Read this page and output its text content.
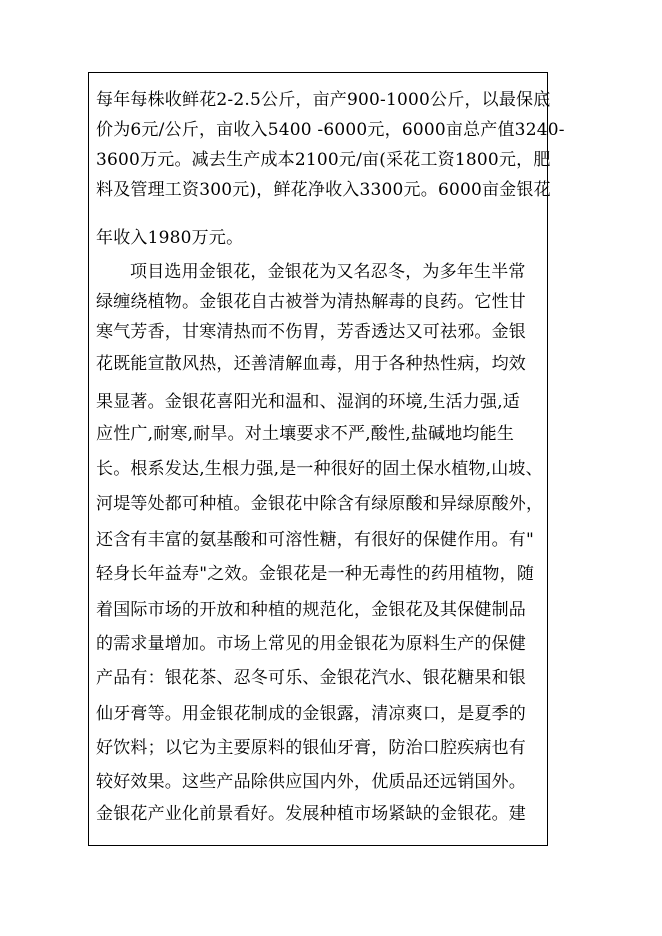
每年每株收鲜花2-2.5公斤，亩产900-1000公斤，以最保底
价为6元/公斤，亩收入5400 -6000元，6000亩总产值3240-
3600万元。减去生产成本2100元/亩(采花工资1800元，肥
料及管理工资300元)，鲜花净收入3300元。6000亩金银花
年收入1980万元。
项目选用金银花，金银花为又名忍冬，为多年生半常
绿缠绕植物。金银花自古被誉为清热解毒的良药。它性甘
寒气芳香，甘寒清热而不伤胃，芳香透达又可祛邪。金银
花既能宣散风热，还善清解血毒，用于各种热性病，均效
果显著。金银花喜阳光和温和、湿润的环境,生活力强,适
应性广,耐寒,耐旱。对土壤要求不严,酸性,盐碱地均能生
长。根系发达,生根力强,是一种很好的固土保水植物,山坡、
河堤等处都可种植。金银花中除含有绿原酸和异绿原酸外，
还含有丰富的氨基酸和可溶性糖，有很好的保健作用。有"
轻身长年益寿"之效。金银花是一种无毒性的药用植物，随
着国际市场的开放和种植的规范化，金银花及其保健制品
的需求量增加。市场上常见的用金银花为原料生产的保健
产品有：银花茶、忍冬可乐、金银花汽水、银花糖果和银
仙牙膏等。用金银花制成的金银露，清凉爽口，是夏季的
好饮料；以它为主要原料的银仙牙膏，防治口腔疾病也有
较好效果。这些产品除供应国内外，优质品还远销国外。
金银花产业化前景看好。发展种植市场紧缺的金银花。建
